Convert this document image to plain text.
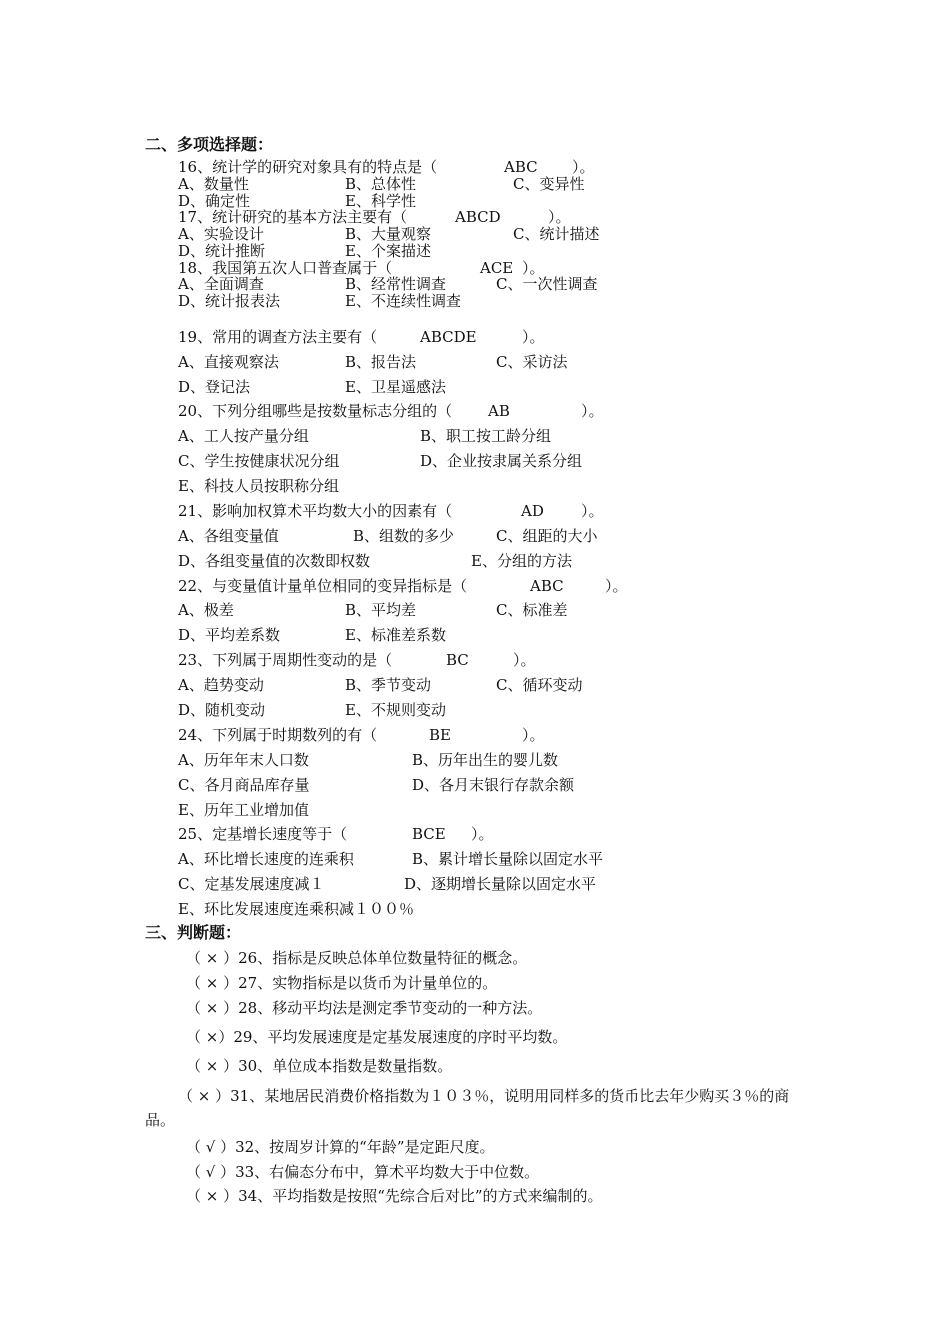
二、多项选择题：
16、统计学的研究对象具有的特点是（	ABC ）。
A、数量性	B、总体性	C、变异性
D、确定性	E、科学性
17、统计研究的基本方法主要有（	ABCD	）。
A、实验设计	B、大量观察	C、统计描述
D、统计推断	E、个案描述
18、我国第五次人口普查属于（	ACE ）。
A、全面调查	B、经常性调查	C、一次性调查
D、统计报表法	E、不连续性调查
19、常用的调查方法主要有（	ABCDE	）。
A、直接观察法	B、报告法	C、采访法
D、登记法	E、卫星遥感法
20、下列分组哪些是按数量标志分组的（ AB	）。
A、工人按产量分组	B、职工按工龄分组
C、学生按健康状况分组	D、企业按隶属关系分组
E、科技人员按职称分组
21、影响加权算术平均数大小的因素有（	AD ）。
A、各组变量值	B、组数的多少	C、组距的大小
D、各组变量值的次数即权数	E、分组的方法
22、与变量值计量单位相同的变异指标是（	ABC	）。
A、极差	B、平均差	C、标准差
D、平均差系数	E、标准差系数
23、下列属于周期性变动的是（	BC	）。
A、趋势变动	B、季节变动	C、循环变动
D、随机变动	E、不规则变动
24、下列属于时期数列的有（	BE	）。
A、历年年末人口数	B、历年出生的婴儿数
C、各月商品库存量	D、各月末银行存款余额
E、历年工业增加值
25、定基增长速度等于（	BCE ）。
A、环比增长速度的连乘积	B、累计增长量除以固定水平
C、定基发展速度减１	D、逐期增长量除以固定水平
E、环比发展速度连乘积减１００％
三、判断题：
（ × ）26、指标是反映总体单位数量特征的概念。
（ × ）27、实物指标是以货币为计量单位的。
（ × ）28、移动平均法是测定季节变动的一种方法。
（ ×）29、平均发展速度是定基发展速度的序时平均数。
（ × ）30、单位成本指数是数量指数。
（ × ）31、某地居民消费价格指数为１０３％，说明用同样多的货币比去年少购买３％的商
品。
（ √ ）32、按周岁计算的“年龄”是定距尺度。
（ √ ）33、右偏态分布中，算术平均数大于中位数。
（ × ）34、平均指数是按照“先综合后对比”的方式来编制的。
